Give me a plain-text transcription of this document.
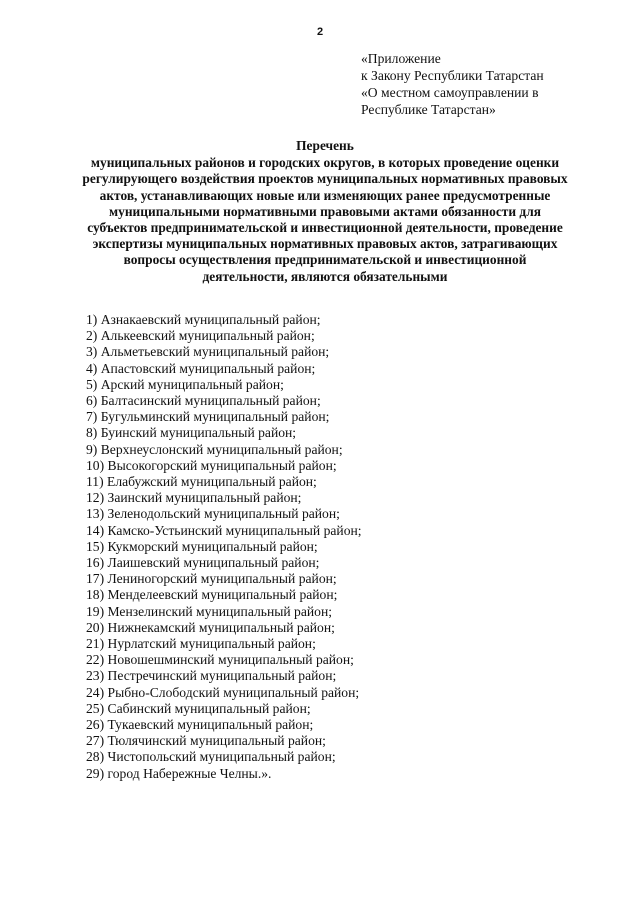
2
«Приложение
к Закону Республики Татарстан
«О местном самоуправлении в
Республике Татарстан»
Перечень
муниципальных районов и городских округов, в которых проведение оценки
регулирующего воздействия проектов муниципальных нормативных правовых
актов, устанавливающих новые или изменяющих ранее предусмотренные
муниципальными нормативными правовыми актами обязанности для
субъектов предпринимательской и инвестиционной деятельности, проведение
экспертизы муниципальных нормативных правовых актов, затрагивающих
вопросы осуществления предпринимательской и инвестиционной
деятельности, являются обязательными
1) Азнакаевский муниципальный район;
2) Алькеевский муниципальный район;
3) Альметьевский муниципальный район;
4) Апастовский муниципальный район;
5) Арский муниципальный район;
6) Балтасинский муниципальный район;
7) Бугульминский муниципальный район;
8) Буинский муниципальный район;
9) Верхнеуслонский муниципальный район;
10) Высокогорский муниципальный район;
11) Елабужский муниципальный район;
12) Заинский муниципальный район;
13) Зеленодольский муниципальный район;
14) Камско-Устьинский муниципальный район;
15) Кукморский муниципальный район;
16) Лаишевский муниципальный район;
17) Лениногорский муниципальный район;
18) Менделеевский муниципальный район;
19) Мензелинский муниципальный район;
20) Нижнекамский муниципальный район;
21) Нурлатский муниципальный район;
22) Новошешминский муниципальный район;
23) Пестречинский муниципальный район;
24) Рыбно-Слободский муниципальный район;
25) Сабинский муниципальный район;
26) Тукаевский муниципальный район;
27) Тюлячинский муниципальный район;
28) Чистопольский муниципальный район;
29) город Набережные Челны.».
